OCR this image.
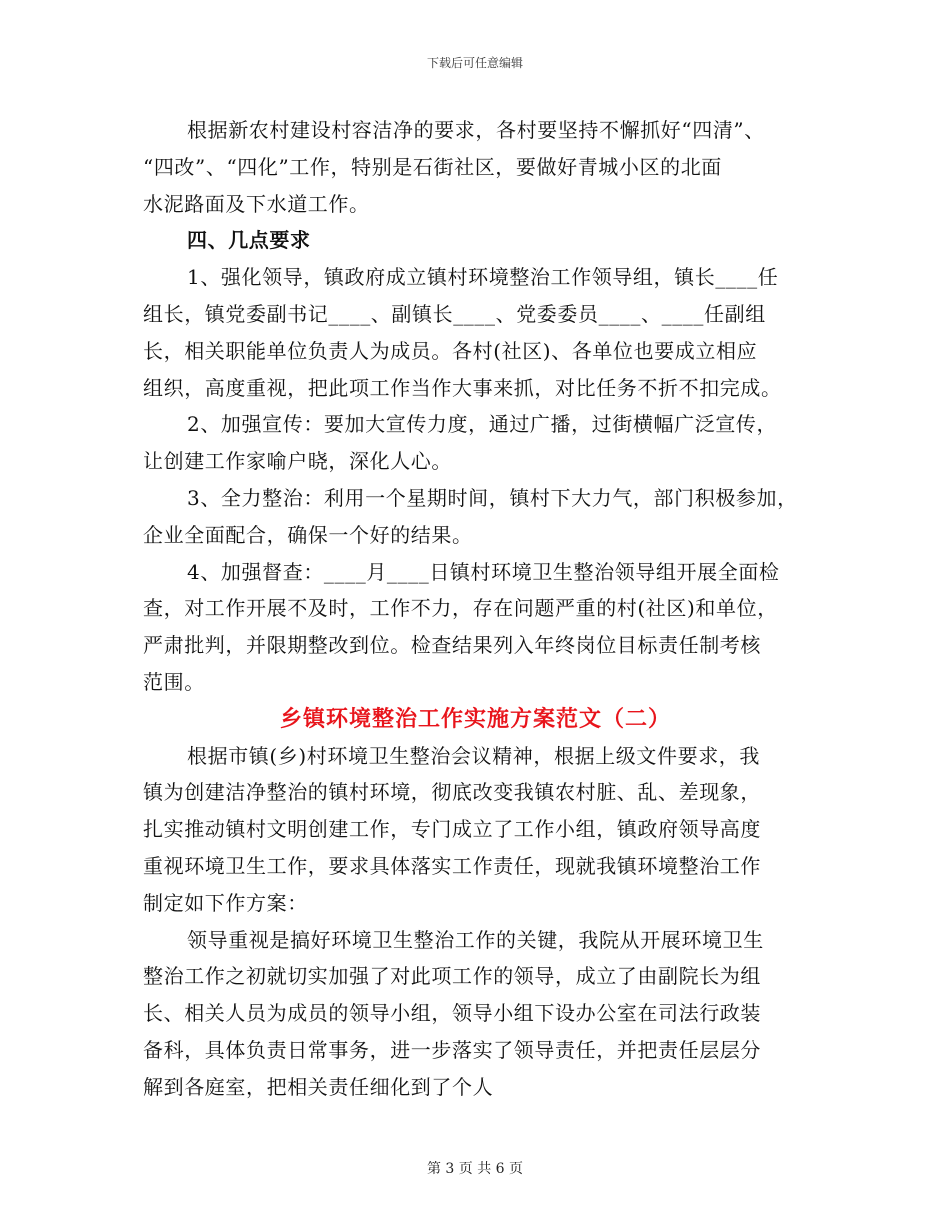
下载后可任意编辑
根据新农村建设村容洁净的要求，各村要坚持不懈抓好“四清”、
“四改”、“四化”工作，特别是石街社区，要做好青城小区的北面
水泥路面及下水道工作。
四、几点要求
1、强化领导，镇政府成立镇村环境整治工作领导组，镇长____任
组长，镇党委副书记____、副镇长____、党委委员____、____任副组
长，相关职能单位负责人为成员。各村(社区)、各单位也要成立相应
组织，高度重视，把此项工作当作大事来抓，对比任务不折不扣完成。
2、加强宣传：要加大宣传力度，通过广播，过街横幅广泛宣传，
让创建工作家喻户晓，深化人心。
3、全力整治：利用一个星期时间，镇村下大力气，部门积极参加，
企业全面配合，确保一个好的结果。
4、加强督查：____月____日镇村环境卫生整治领导组开展全面检
查，对工作开展不及时，工作不力，存在问题严重的村(社区)和单位，
严肃批判，并限期整改到位。检查结果列入年终岗位目标责任制考核
范围。
乡镇环境整治工作实施方案范文（二）
根据市镇(乡)村环境卫生整治会议精神，根据上级文件要求，我
镇为创建洁净整治的镇村环境，彻底改变我镇农村脏、乱、差现象，
扎实推动镇村文明创建工作，专门成立了工作小组，镇政府领导高度
重视环境卫生工作，要求具体落实工作责任，现就我镇环境整治工作
制定如下作方案：
领导重视是搞好环境卫生整治工作的关键，我院从开展环境卫生
整治工作之初就切实加强了对此项工作的领导，成立了由副院长为组
长、相关人员为成员的领导小组，领导小组下设办公室在司法行政装
备科，具体负责日常事务，进一步落实了领导责任，并把责任层层分
解到各庭室，把相关责任细化到了个人
第 3 页 共 6 页
